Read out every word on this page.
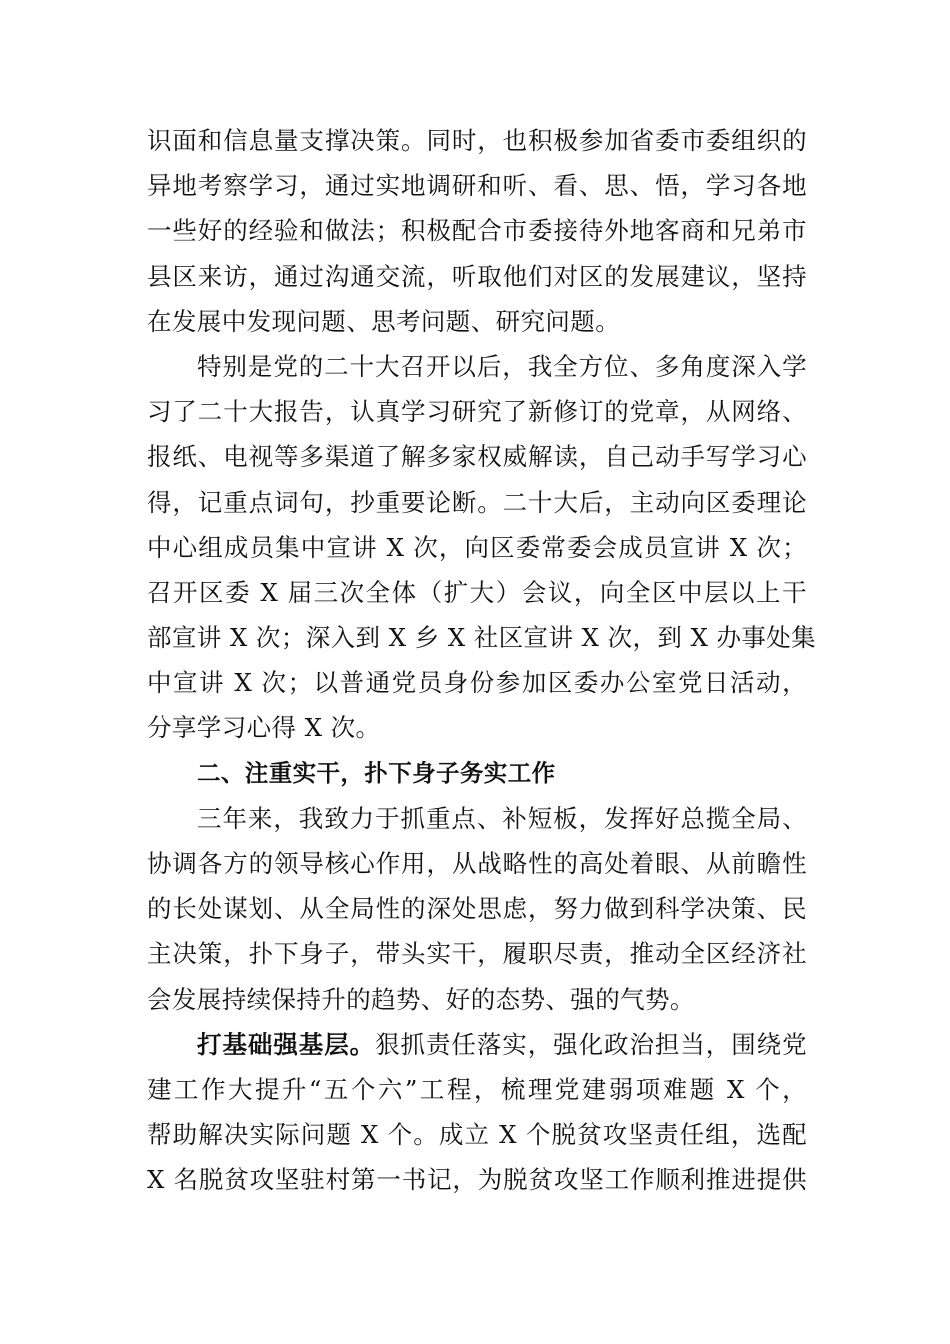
识面和信息量支撑决策。同时，也积极参加省委市委组织的
异地考察学习，通过实地调研和听、看、思、悟，学习各地
一些好的经验和做法；积极配合市委接待外地客商和兄弟市
县区来访，通过沟通交流，听取他们对区的发展建议，坚持
在发展中发现问题、思考问题、研究问题。
特别是党的二十大召开以后，我全方位、多角度深入学
习了二十大报告，认真学习研究了新修订的党章，从网络、
报纸、电视等多渠道了解多家权威解读，自己动手写学习心
得，记重点词句，抄重要论断。二十大后，主动向区委理论
中心组成员集中宣讲 X 次，向区委常委会成员宣讲 X 次；
召开区委 X 届三次全体（扩大）会议，向全区中层以上干
部宣讲 X 次；深入到 X 乡 X 社区宣讲 X 次，到 X 办事处集
中宣讲 X 次；以普通党员身份参加区委办公室党日活动，
分享学习心得 X 次。
二、注重实干，扑下身子务实工作
三年来，我致力于抓重点、补短板，发挥好总揽全局、
协调各方的领导核心作用，从战略性的高处着眼、从前瞻性
的长处谋划、从全局性的深处思虑，努力做到科学决策、民
主决策，扑下身子，带头实干，履职尽责，推动全区经济社
会发展持续保持升的趋势、好的态势、强的气势。
打基础强基层。狠抓责任落实，强化政治担当，围绕党
建工作大提升“五个六”工程，梳理党建弱项难题 X 个，
帮助解决实际问题 X 个。成立 X 个脱贫攻坚责任组，选配
X 名脱贫攻坚驻村第一书记，为脱贫攻坚工作顺利推进提供
